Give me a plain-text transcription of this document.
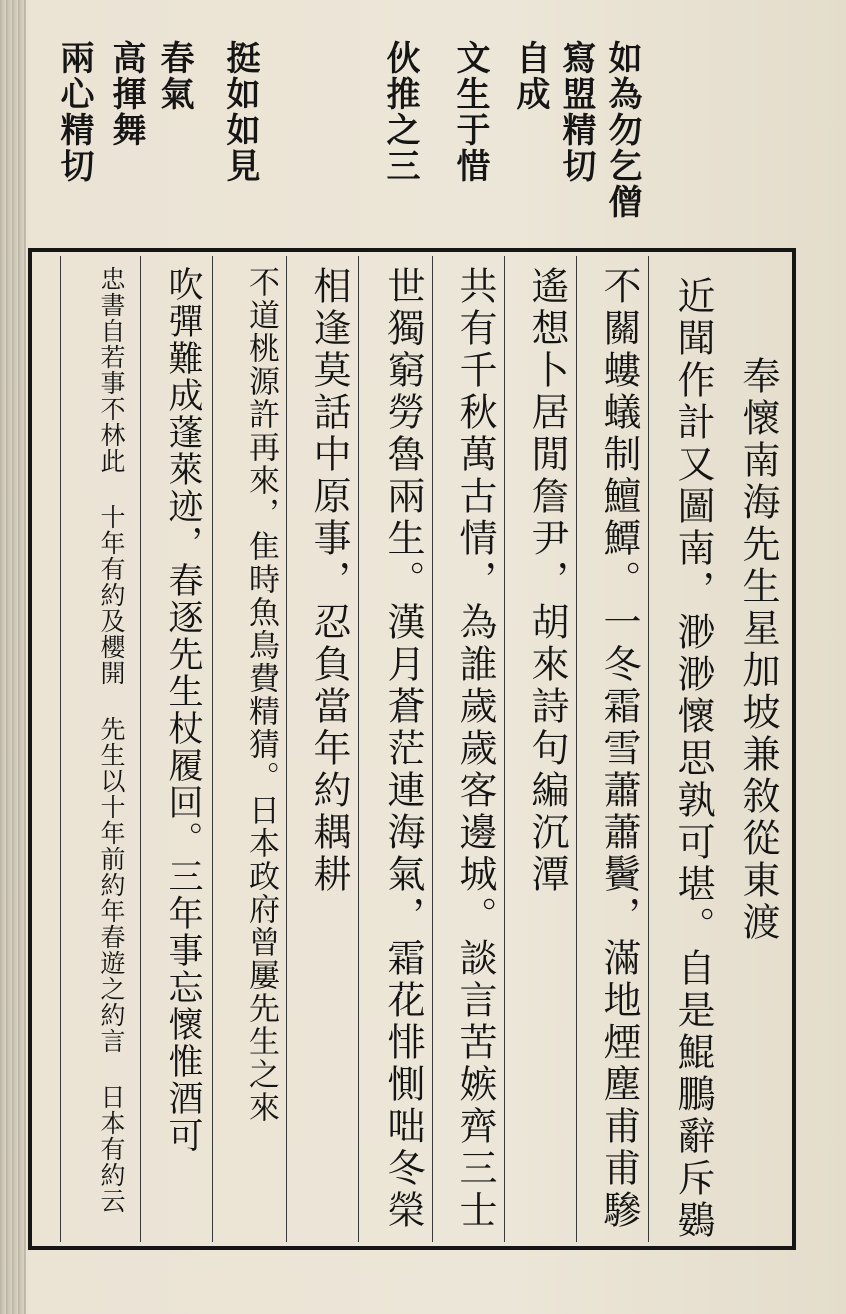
如為勿乞僧
寫盟精切
自成
文生于惜
伙推之三
挺如如見
春氣
高揮舞
兩心精切
奉懷南海先生星加坡兼敘從東渡
近聞作計又圖南，渺渺懷思孰可堪。自是鯤鵬辭斥鷃
不關螻蟻制鱣鱏。一冬霜雪蕭蕭鬢，滿地煙塵甫甫驂
遙想卜居閒詹尹，胡來詩句編沉潭
共有千秋萬古情，為誰歲歲客邊城。談言苦嫉齊三士
世獨窮勞魯兩生。漢月蒼茫連海氣，霜花悱惻咄冬榮
相逢莫話中原事，忍負當年約耦耕
不道桃源許再來，隹時魚鳥費精猜。日本政府曾屢先生之來
吹彈難成蓬萊迹，春逐先生杖履回。三年事忘懷惟酒可
忠書自若事不林此 十年有約及櫻開 先生以十年前約年春遊之約言 日本有約云
